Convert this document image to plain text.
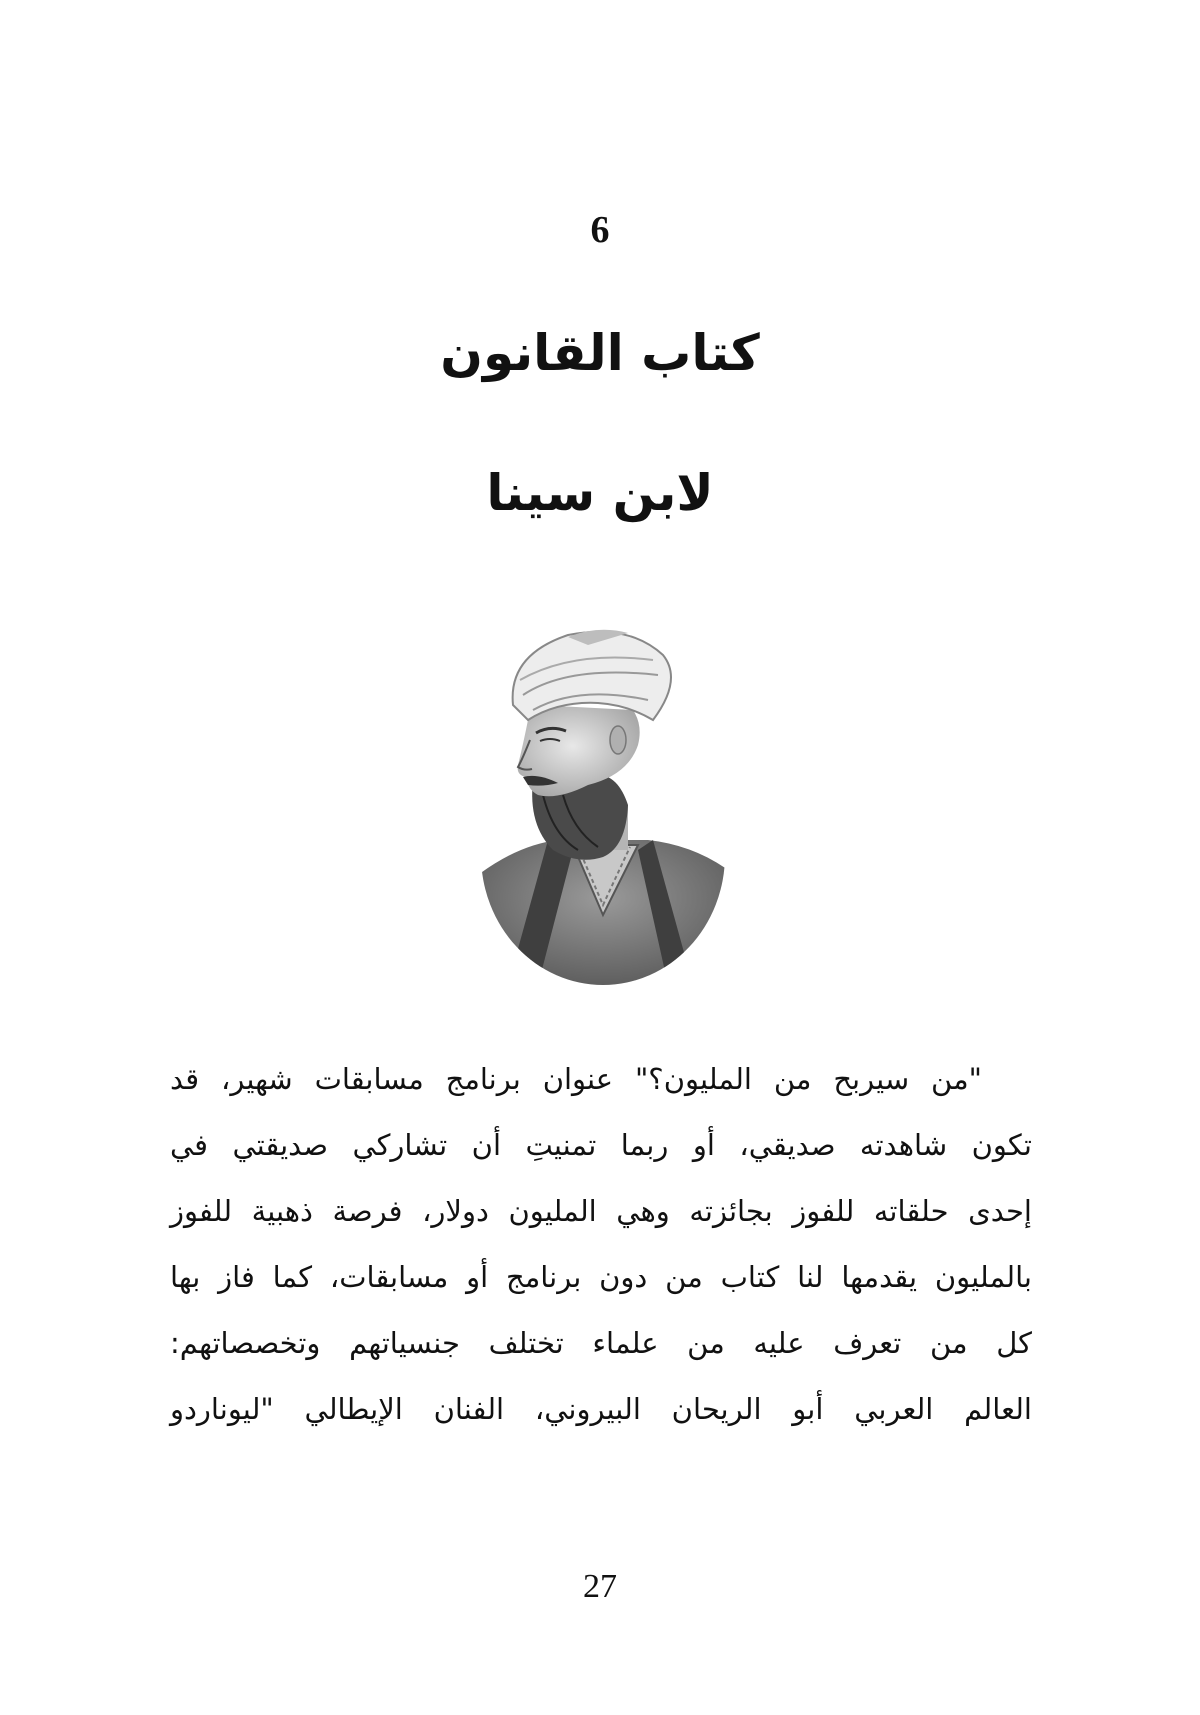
6
كتاب القانون
لابن سينا
"من سيربح من المليون؟" عنوان برنامج مسابقات شهير، قد
تكون شاهدته صديقي، أو ربما تمنيتِ أن تشاركي صديقتي في
إحدى حلقاته للفوز بجائزته وهي المليون دولار، فرصة ذهبية للفوز
بالمليون يقدمها لنا كتاب من دون برنامج أو مسابقات، كما فاز بها
كل من تعرف عليه من علماء تختلف جنسياتهم وتخصصاتهم:
العالم العربي أبو الريحان البيروني، الفنان الإيطالي "ليوناردو
27
